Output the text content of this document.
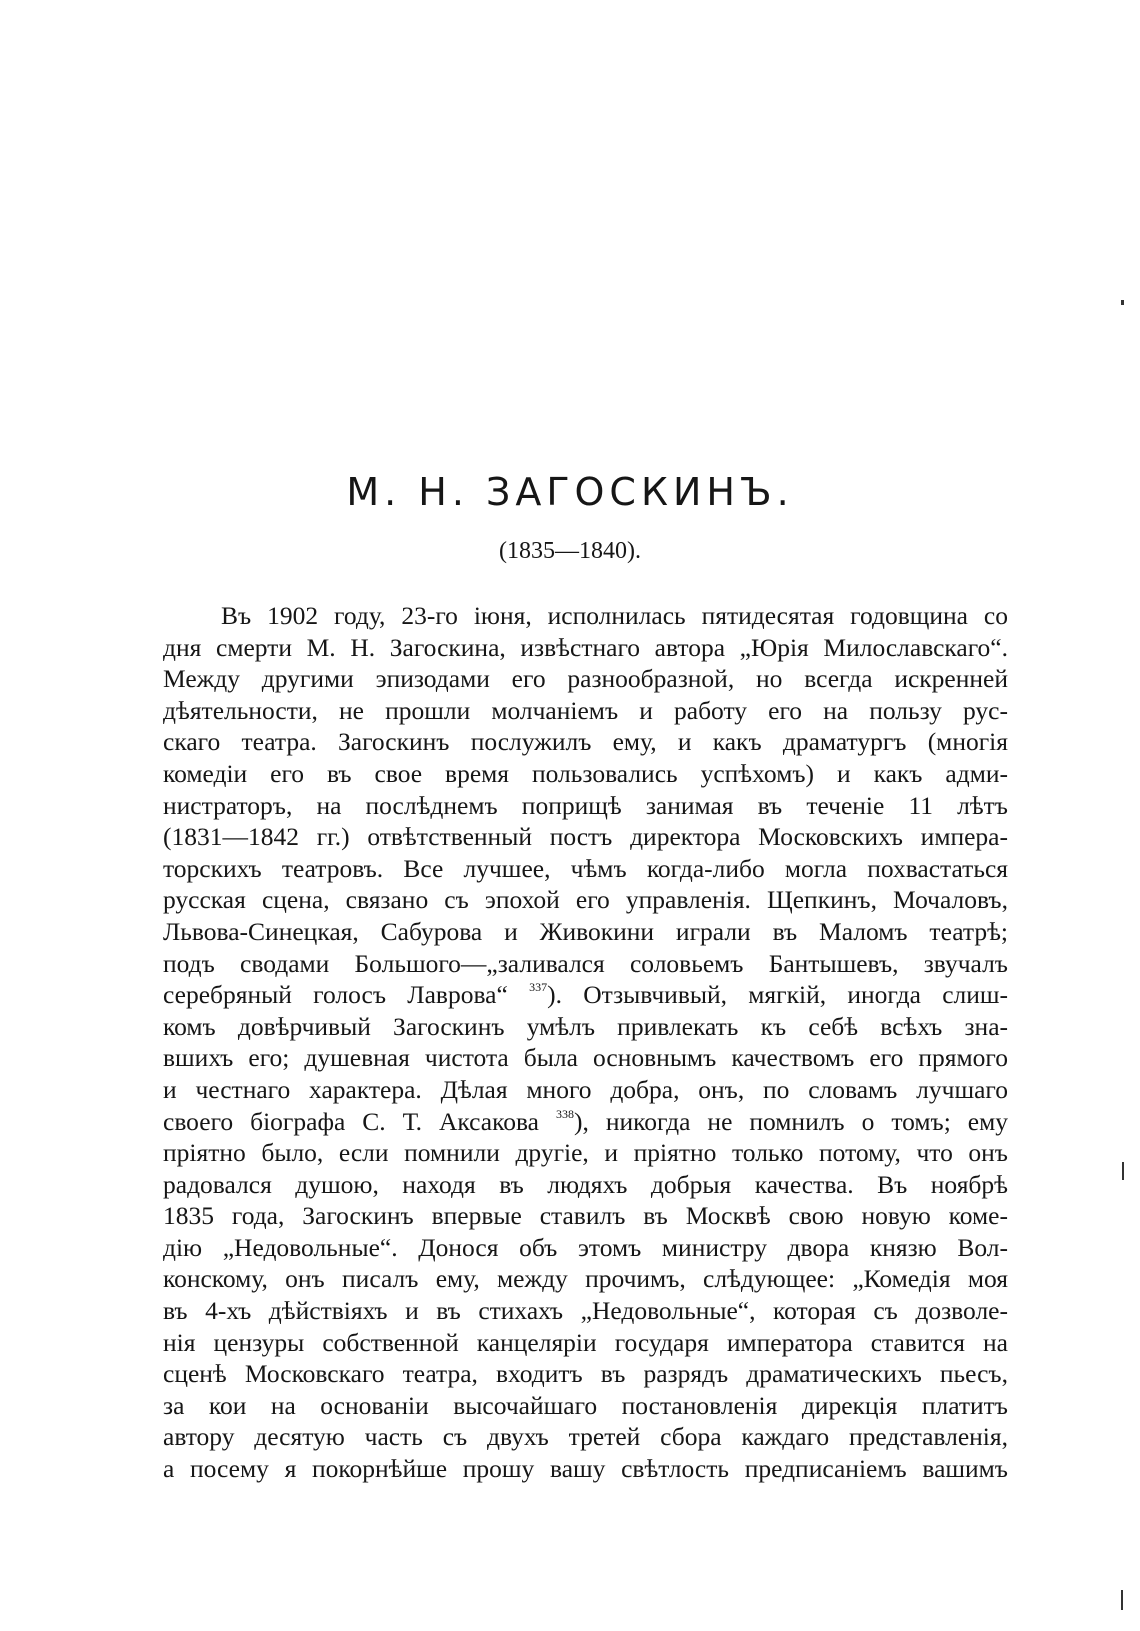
М. Н. ЗАГОСКИНЪ.

(1835—1840).

Въ 1902 году, 23-го іюня, исполнилась пятидесятая годовщина со
дня смерти М. Н. Загоскина, извѣстнаго автора „Юрія Милославскаго“.
Между другими эпизодами его разнообразной, но всегда искренней
дѣятельности, не прошли молчаніемъ и работу его на пользу рус-
скаго театра. Загоскинъ послужилъ ему, и какъ драматургъ (многія
комедіи его въ свое время пользовались успѣхомъ) и какъ адми-
нистраторъ, на послѣднемъ поприщѣ занимая въ теченіе 11 лѣтъ
(1831—1842 гг.) отвѣтственный постъ директора Московскихъ импера-
торскихъ театровъ. Все лучшее, чѣмъ когда-либо могла похвастаться
русская сцена, связано съ эпохой его управленія. Щепкинъ, Мочаловъ,
Львова-Синецкая, Сабурова и Живокини играли въ Маломъ театрѣ;
подъ сводами Большого—„заливался соловьемъ Бантышевъ, звучалъ
серебряный голосъ Лаврова“ $^{337}$). Отзывчивый, мягкій, иногда слиш-
комъ довѣрчивый Загоскинъ умѣлъ привлекать къ себѣ всѣхъ зна-
вшихъ его; душевная чистота была основнымъ качествомъ его прямого
и честнаго характера. Дѣлая много добра, онъ, по словамъ лучшаго
своего біографа С. Т. Аксакова $^{338}$), никогда не помнилъ о томъ; ему
пріятно было, если помнили другіе, и пріятно только потому, что онъ
радовался душою, находя въ людяхъ добрыя качества. Въ ноябрѣ
1835 года, Загоскинъ впервые ставилъ въ Москвѣ свою новую коме-
дію „Недовольные“. Донося объ этомъ министру двора князю Вол-
конскому, онъ писалъ ему, между прочимъ, слѣдующее: „Комедія моя
въ 4-хъ дѣйствіяхъ и въ стихахъ „Недовольные“, которая съ дозволе-
нія цензуры собственной канцеляріи государя императора ставится на
сценѣ Московскаго театра, входитъ въ разрядъ драматическихъ пьесъ,
за кои на основаніи высочайшаго постановленія дирекція платитъ
автору десятую часть съ двухъ третей сбора каждаго представленія,
а посему я покорнѣйше прошу вашу свѣтлость предписаніемъ вашимъ
